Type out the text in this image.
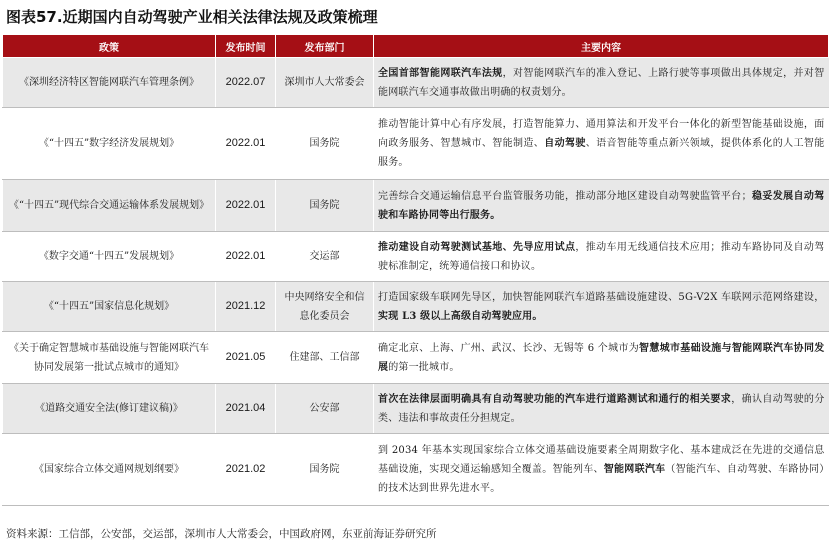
图表57.近期国内自动驾驶产业相关法律法规及政策梳理
政策	发布时间	发布部门	主要内容
《深圳经济特区智能网联汽车管理条例》	2022.07	深圳市人大常委会	全国首部智能网联汽车法规，对智能网联汽车的准入登记、上路行驶等事项做出具体规定，并对智能网联汽车交通事故做出明确的权责划分。
《“十四五”数字经济发展规划》	2022.01	国务院	推动智能计算中心有序发展，打造智能算力、通用算法和开发平台一体化的新型智能基础设施，面向政务服务、智慧城市、智能制造、自动驾驶、语音智能等重点新兴领域，提供体系化的人工智能服务。
《“十四五”现代综合交通运输体系发展规划》	2022.01	国务院	完善综合交通运输信息平台监管服务功能，推动部分地区建设自动驾驶监管平台；稳妥发展自动驾驶和车路协同等出行服务。
《数字交通“十四五”发展规划》	2022.01	交运部	推动建设自动驾驶测试基地、先导应用试点，推动车用无线通信技术应用；推动车路协同及自动驾驶标准制定，统筹通信接口和协议。
《“十四五”国家信息化规划》	2021.12	中央网络安全和信息化委员会	打造国家级车联网先导区，加快智能网联汽车道路基础设施建设、5G-V2X 车联网示范网络建设，实现 L3 级以上高级自动驾驶应用。
《关于确定智慧城市基础设施与智能网联汽车协同发展第一批试点城市的通知》	2021.05	住建部、工信部	确定北京、上海、广州、武汉、长沙、无锡等 6 个城市为智慧城市基础设施与智能网联汽车协同发展的第一批城市。
《道路交通安全法(修订建议稿)》	2021.04	公安部	首次在法律层面明确具有自动驾驶功能的汽车进行道路测试和通行的相关要求，确认自动驾驶的分类、违法和事故责任分担规定。
《国家综合立体交通网规划纲要》	2021.02	国务院	到 2034 年基本实现国家综合立体交通基础设施要素全周期数字化、基本建成泛在先进的交通信息基础设施，实现交通运输感知全覆盖。智能列车、智能网联汽车（智能汽车、自动驾驶、车路协同）的技术达到世界先进水平。
资料来源：工信部，公安部，交运部，深圳市人大常委会，中国政府网，东亚前海证券研究所
